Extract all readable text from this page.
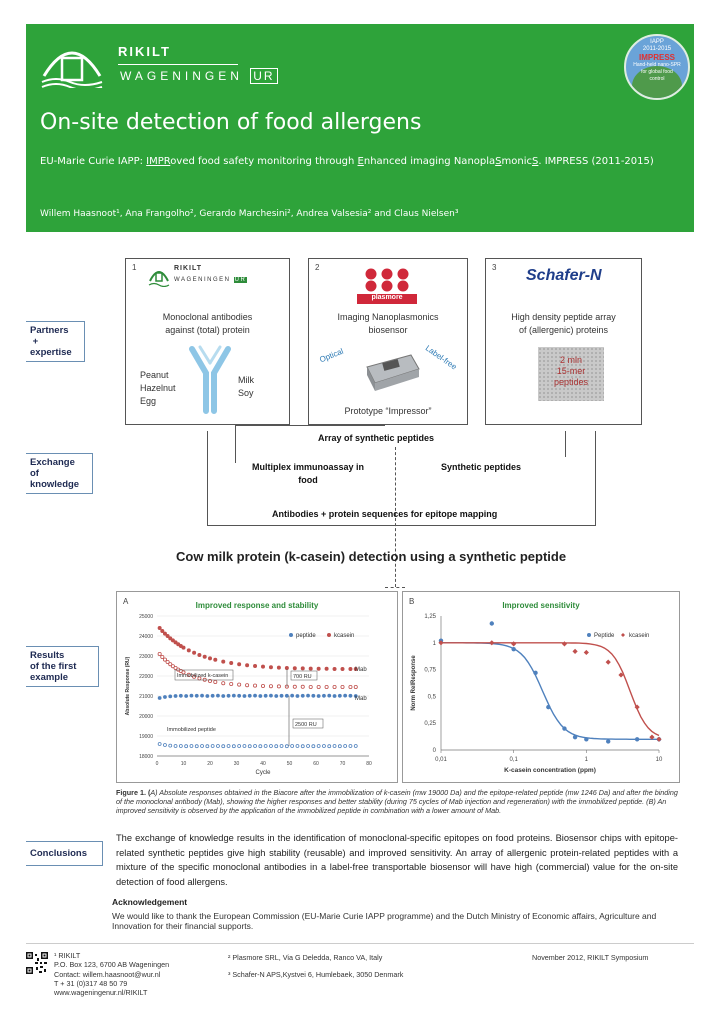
RIKILT
WAGENINGEN UR
IAPP
2011-2015
IMPRESS
Hand-held nano-SPR
for global food
control
On-site detection of food allergens
EU-Marie Curie IAPP: IMPRoved food safety monitoring through Enhanced imaging NanoplaSmonicS. IMPRESS (2011-2015)
Willem Haasnoot¹, Ana Frangolho², Gerardo Marchesini², Andrea Valsesia² and Claus Nielsen³
1	RIKILT
WAGENINGEN UR
Monoclonal antibodies
against (total) protein
Peanut
Hazelnut
Egg
Milk
Soy
2
plasmore
Imaging Nanoplasmonics
biosensor
Optical	Label-free
Prototype “Impressor”
3 Schafer-N
High density peptide array
of (allergenic) proteins
2 mln
15-mer
peptides
Partners
+
expertise
Array of synthetic peptides
Multiplex immunoassay in
food
Synthetic peptides
Antibodies + protein sequences for epitope mapping
Exchange
of
knowledge
Cow milk protein (k-casein) detection using a synthetic peptide
Results
of the first
example
A	Improved response and stability
18000
19000
20000
21000
22000
23000
24000
25000
0	10	20	30	40	50	60	70	80
Cycle
Absolute Response (RU)
peptide	kcasein
Mab
Immobilized k-casein	700 RU
Mab
2500 RU
Immobilized peptide
B	Improved sensitivity
0
0,25
0,5
0,75
1
1,25
0,01	0,1	1	10
K-casein concentration (ppm)
Norm RelResponse
Peptide kcasein
Figure 1. (A) Absolute responses obtained in the Biacore after the immobilization of k-casein (mw 19000 Da) and the epitope-related peptide (mw 1246 Da) and after the binding of the monoclonal antibody (Mab), showing the higher responses and better stability (during 75 cycles of Mab injection and regeneration) with the immobilized peptide. (B) An improved sensitivity is observed by the application of the immobilized peptide in combination with a lower amount of Mab.
Conclusions
The exchange of knowledge results in the identification of monoclonal-specific epitopes on food proteins. Biosensor chips with epitope-related synthetic peptides give high stability (reusable) and improved sensitivity. An array of allergenic protein-related peptides with a mixture of the specific monoclonal antibodies in a label-free transportable biosensor will have high (commercial) value for the on-site detection of food allergens.
Acknowledgement
We would like to thank the European Commission (EU-Marie Curie IAPP programme) and the Dutch Ministry of Economic affairs, Agriculture and Innovation for their financial supports.
¹ RIKILT
P.O. Box 123, 6700 AB Wageningen
Contact: willem.haasnoot@wur.nl
T + 31 (0)317 48 50 79
www.wageningenur.nl/RIKILT
² Plasmore SRL, Via G Deledda, Ranco VA, Italy
³ Schafer-N APS,Kystvei 6, Humlebaek, 3050 Denmark
November 2012, RIKILT Symposium
